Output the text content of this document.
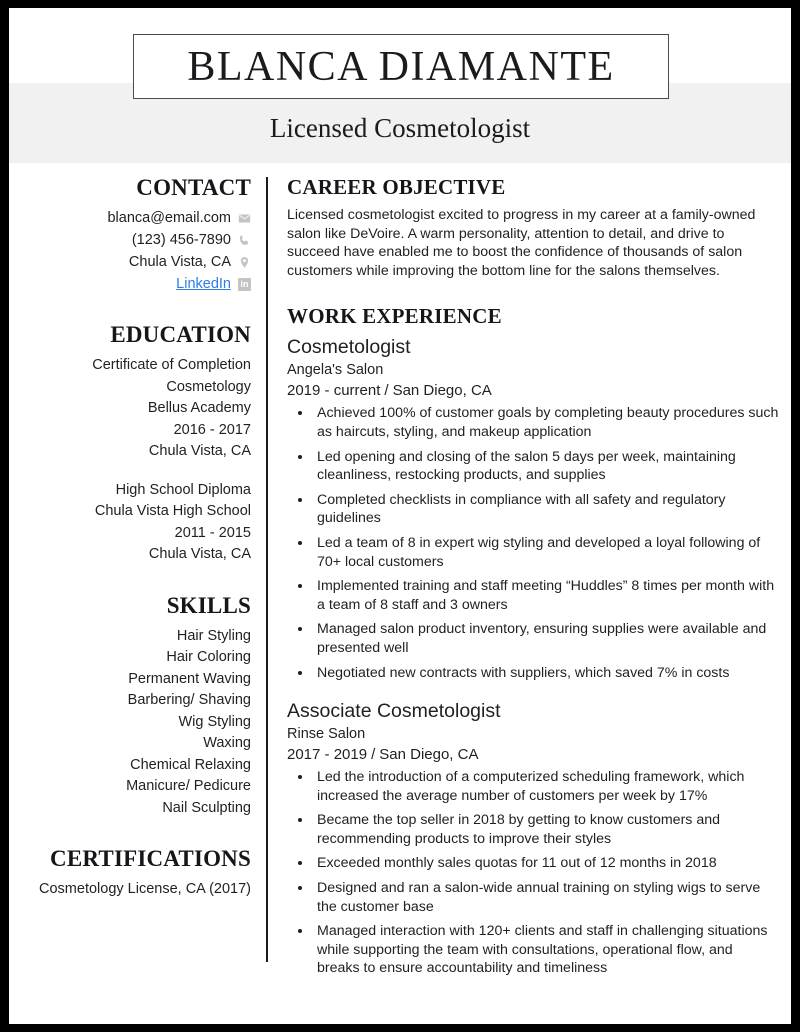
BLANCA DIAMANTE
Licensed Cosmetologist
CONTACT
blanca@email.com
(123) 456-7890
Chula Vista, CA
LinkedIn in
EDUCATION
Certificate of Completion
Cosmetology
Bellus Academy
2016 - 2017
Chula Vista, CA
High School Diploma
Chula Vista High School
2011 - 2015
Chula Vista, CA
SKILLS
Hair Styling
Hair Coloring
Permanent Waving
Barbering/ Shaving
Wig Styling
Waxing
Chemical Relaxing
Manicure/ Pedicure
Nail Sculpting
CERTIFICATIONS
Cosmetology License, CA (2017)
CAREER OBJECTIVE

Licensed cosmetologist excited to progress in my career at a family-owned salon like DeVoire. A warm personality, attention to detail, and drive to succeed have enabled me to boost the confidence of thousands of salon customers while improving the bottom line for the salons themselves.

WORK EXPERIENCE
Cosmetologist
Angela's Salon
2019 - current / San Diego, CA
• Achieved 100% of customer goals by completing beauty procedures such as haircuts, styling, and makeup application
• Led opening and closing of the salon 5 days per week, maintaining cleanliness, restocking products, and supplies
• Completed checklists in compliance with all safety and regulatory guidelines
• Led a team of 8 in expert wig styling and developed a loyal following of 70+ local customers
• Implemented training and staff meeting “Huddles” 8 times per month with a team of 8 staff and 3 owners
• Managed salon product inventory, ensuring supplies were available and presented well
• Negotiated new contracts with suppliers, which saved 7% in costs
Associate Cosmetologist
Rinse Salon
2017 - 2019 / San Diego, CA
• Led the introduction of a computerized scheduling framework, which increased the average number of customers per week by 17%
• Became the top seller in 2018 by getting to know customers and recommending products to improve their styles
• Exceeded monthly sales quotas for 11 out of 12 months in 2018
• Designed and ran a salon-wide annual training on styling wigs to serve the customer base
• Managed interaction with 120+ clients and staff in challenging situations while supporting the team with consultations, operational flow, and breaks to ensure accountability and timeliness
